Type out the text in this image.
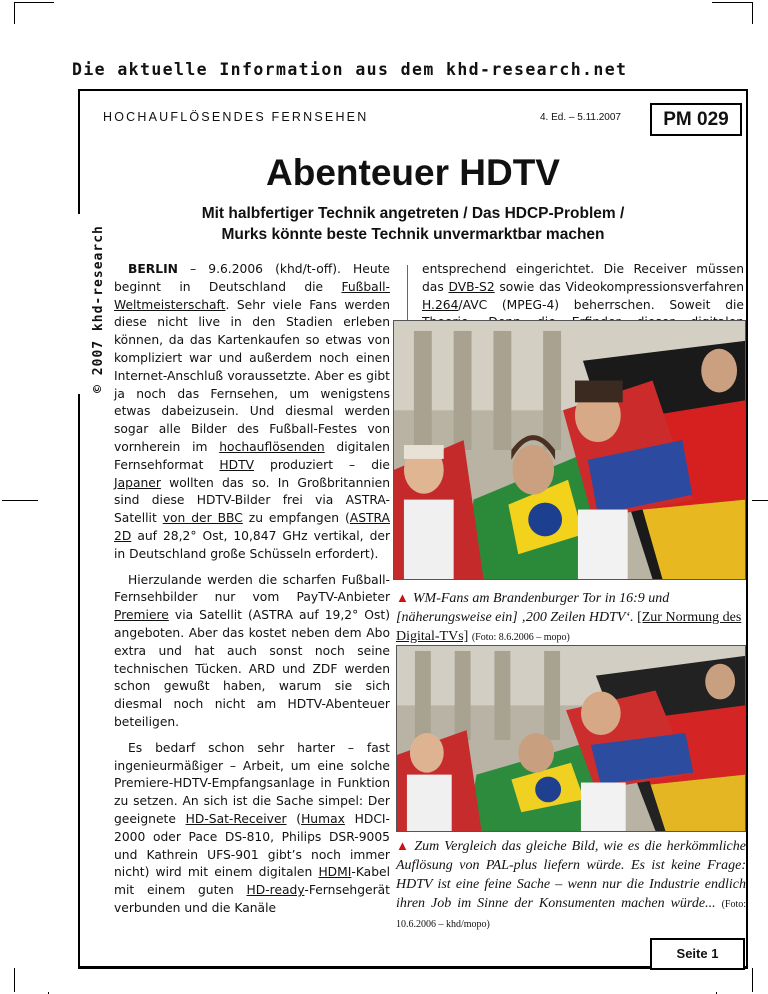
Die aktuelle Information aus dem khd-research.net
© 2007 khd-research
HOCHAUFLÖSENDES FERNSEHEN	4. Ed. – 5.11.2007	PM 029
Abenteuer HDTV
Mit halbfertiger Technik angetreten / Das HDCP-Problem /
Murks könnte beste Technik unvermarktbar machen

BERLIN – 9.6.2006 (khd/t-off). Heute beginnt in Deutschland die Fußball-Weltmeisterschaft. Sehr viele Fans werden diese nicht live in den Stadien erleben können, da das Kartenkaufen so etwas von kompliziert war und außerdem noch einen Internet-Anschluß voraussetzte. Aber es gibt ja noch das Fernsehen, um wenigstens etwas dabeizusein. Und diesmal werden sogar alle Bilder des Fußball-Festes von vornherein im hochauflösenden digitalen Fernsehformat HDTV produziert – die Japaner wollten das so. In Großbritannien sind diese HDTV-Bilder frei via ASTRA-Satellit von der BBC zu empfangen (ASTRA 2D auf 28,2° Ost, 10,847 GHz vertikal, der in Deutschland große Schüsseln erfordert).

Hierzulande werden die scharfen Fußball-Fernsehbilder nur vom PayTV-Anbieter Premiere via Satellit (ASTRA auf 19,2° Ost) angeboten. Aber das kostet neben dem Abo extra und hat auch sonst noch seine technischen Tücken. ARD und ZDF werden schon gewußt haben, warum sie sich diesmal noch nicht am HDTV-Abenteuer beteiligen.

Es bedarf schon sehr harter – fast ingenieurmäßiger – Arbeit, um eine solche Premiere-HDTV-Empfangsanlage in Funktion zu setzen. An sich ist die Sache simpel: Der geeignete HD-Sat-Receiver (Humax HDCI-2000 oder Pace DS-810, Philips DSR-9005 und Kathrein UFS-901 gibt’s noch immer nicht) wird mit einem digitalen HDMI-Kabel mit einem guten HD-ready-Fernsehgerät verbunden und die Kanäle

entsprechend eingerichtet. Die Receiver müssen das DVB-S2 sowie das Videokompressionsverfahren H.264/AVC (MPEG-4) beherrschen. Soweit die

▲ WM-Fans am Brandenburger Tor in 16:9 und [näherungsweise ein] ‚200 Zeilen HDTV‘. [Zur Normung des Digital-TVs] (Foto: 8.6.2006 – mopo)
▲ Zum Vergleich das gleiche Bild, wie es die herkömmliche Auflösung von PAL-plus liefern würde. Es ist keine Frage: HDTV ist eine feine Sache – wenn nur die Industrie endlich ihren Job im Sinne der Konsumenten machen würde... (Foto: 10.6.2006 – khd/mopo)
Seite 1
